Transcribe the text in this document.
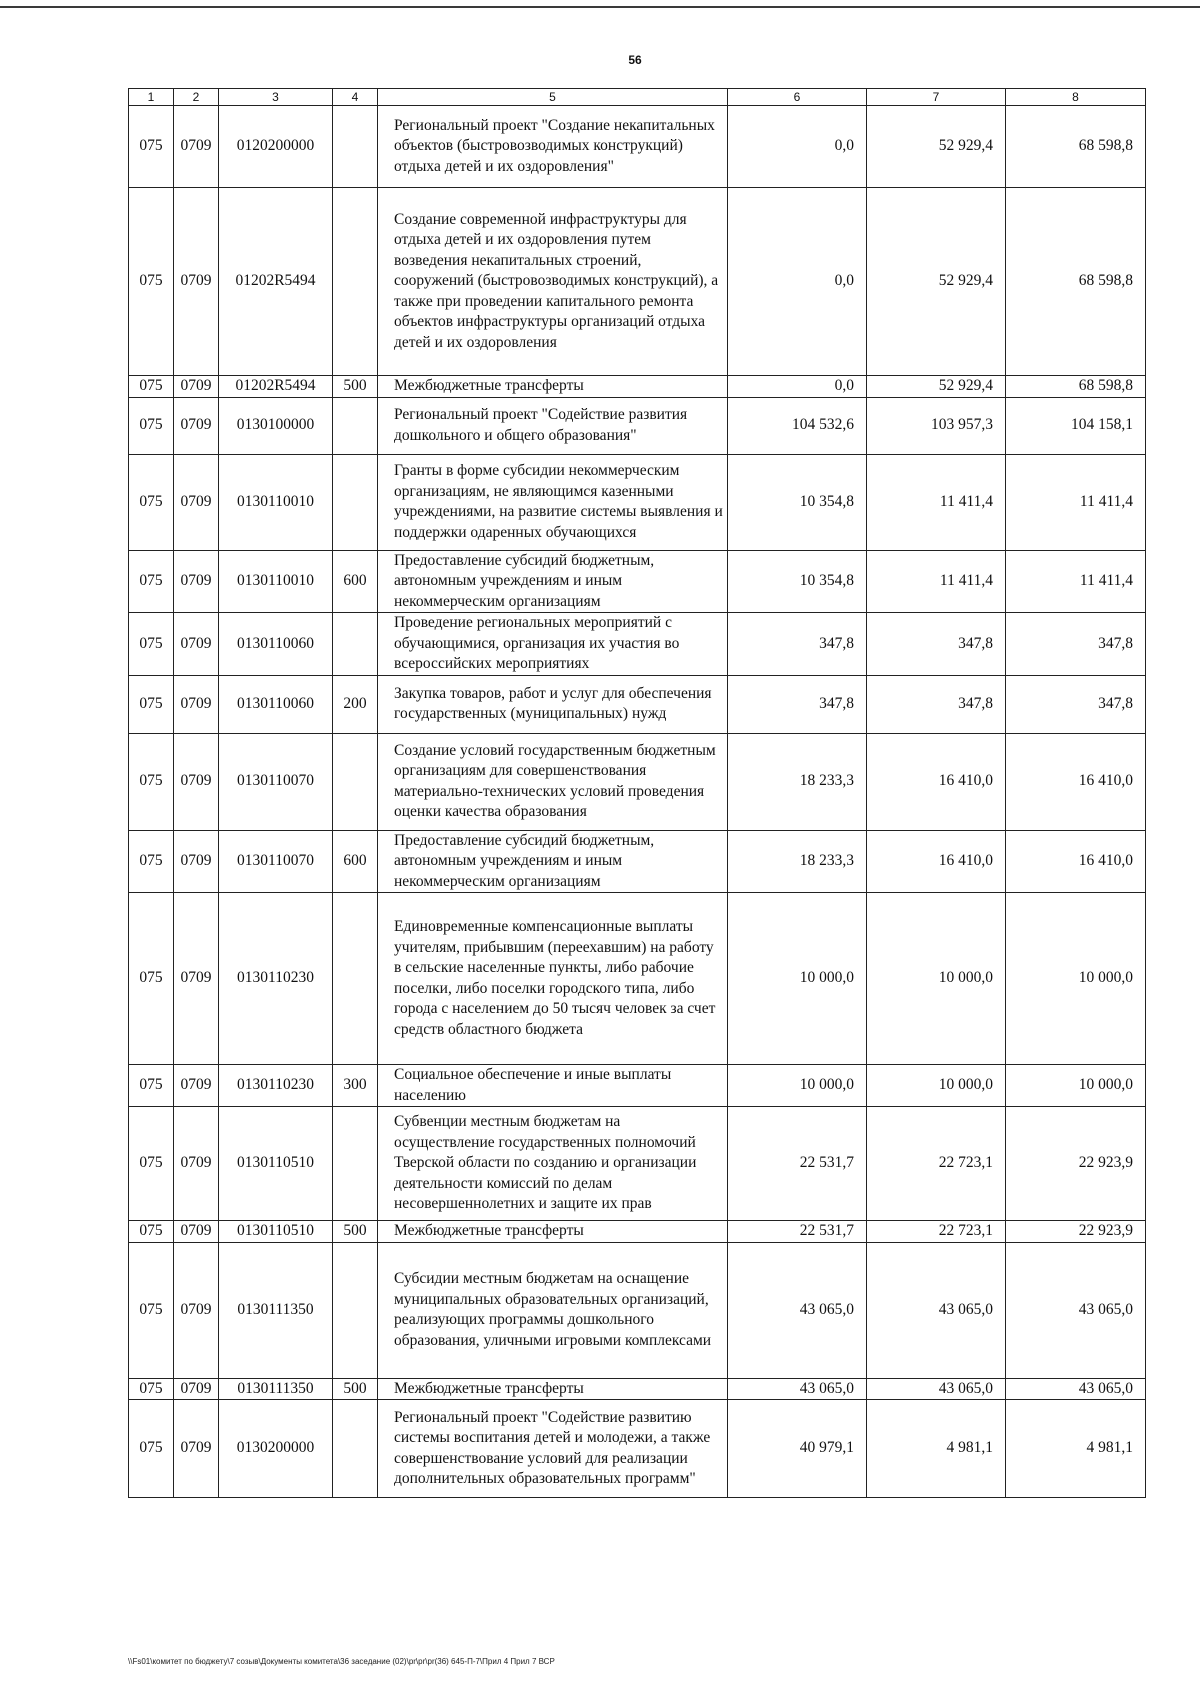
56
1	2	3	4	5	6	7	8
075	0709	0120200000		Региональный проект "Создание некапитальных объектов (быстровозводимых конструкций) отдыха детей и их оздоровления"	0,0	52 929,4	68 598,8
075	0709	01202R5494		Создание современной инфраструктуры для отдыха детей и их оздоровления путем возведения некапитальных строений, сооружений (быстровозводимых конструкций), а также при проведении капитального ремонта объектов инфраструктуры организаций отдыха детей и их оздоровления	0,0	52 929,4	68 598,8
075	0709	01202R5494	500	Межбюджетные трансферты	0,0	52 929,4	68 598,8
075	0709	0130100000		Региональный проект "Содействие развития дошкольного и общего образования"	104 532,6	103 957,3	104 158,1
075	0709	0130110010		Гранты в форме субсидии некоммерческим организациям, не являющимся казенными учреждениями, на развитие системы выявления и поддержки одаренных обучающихся	10 354,8	11 411,4	11 411,4
075	0709	0130110010	600	Предоставление субсидий бюджетным, автономным учреждениям и иным некоммерческим организациям	10 354,8	11 411,4	11 411,4
075	0709	0130110060		Проведение региональных мероприятий с обучающимися, организация их участия во всероссийских мероприятиях	347,8	347,8	347,8
075	0709	0130110060	200	Закупка товаров, работ и услуг для обеспечения государственных (муниципальных) нужд	347,8	347,8	347,8
075	0709	0130110070		Создание условий государственным бюджетным организациям для совершенствования материально-технических условий проведения оценки качества образования	18 233,3	16 410,0	16 410,0
075	0709	0130110070	600	Предоставление субсидий бюджетным, автономным учреждениям и иным некоммерческим организациям	18 233,3	16 410,0	16 410,0
075	0709	0130110230		Единовременные компенсационные выплаты учителям, прибывшим (переехавшим) на работу в сельские населенные пункты, либо рабочие поселки, либо поселки городского типа, либо города с населением до 50 тысяч человек за счет средств областного бюджета	10 000,0	10 000,0	10 000,0
075	0709	0130110230	300	Социальное обеспечение и иные выплаты населению	10 000,0	10 000,0	10 000,0
075	0709	0130110510		Субвенции местным бюджетам на осуществление государственных полномочий Тверской области по созданию и организации деятельности комиссий по делам несовершеннолетних и защите их прав	22 531,7	22 723,1	22 923,9
075	0709	0130110510	500	Межбюджетные трансферты	22 531,7	22 723,1	22 923,9
075	0709	0130111350		Субсидии местным бюджетам на оснащение муниципальных образовательных организаций, реализующих программы дошкольного образования, уличными игровыми комплексами	43 065,0	43 065,0	43 065,0
075	0709	0130111350	500	Межбюджетные трансферты	43 065,0	43 065,0	43 065,0
075	0709	0130200000		Региональный проект "Содействие развитию системы воспитания детей и молодежи, а также совершенствование условий для реализации дополнительных образовательных программ"	40 979,1	4 981,1	4 981,1
\\Fs01\комитет по бюджету\7 созыв\Документы комитета\36 заседание (02)\pr\pr\pr(36) 645-П-7\Прил 4 Прил 7 ВСР
